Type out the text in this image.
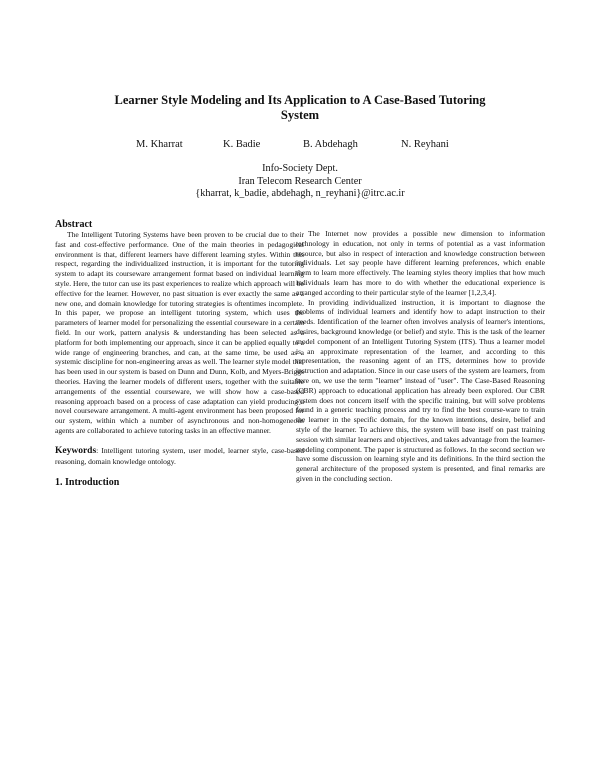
Learner Style Modeling and Its Application to A Case-Based Tutoring System
M. Kharrat	K. Badie	B. Abdehagh	N. Reyhani
Info-Society Dept.
Iran Telecom Research Center
{kharrat, k_badie, abdehagh, n_reyhani}@itrc.ac.ir

Abstract

The Intelligent Tutoring Systems have been proven to be crucial due to their fast and cost-effective performance. One of the main theories in pedagogical environment is that, different learners have different learning styles. Within this respect, regarding the individualized instruction, it is important for the tutoring system to adapt its courseware arrangement format based on individual learning style. Here, the tutor can use its past experiences to realize which approach will be effective for the learner. However, no past situation is ever exactly the same as a new one, and domain knowledge for tutoring strategies is oftentimes incomplete. In this paper, we propose an intelligent tutoring system, which uses the parameters of learner model for personalizing the essential courseware in a certain field. In our work, pattern analysis & understanding has been selected as a platform for both implementing our approach, since it can be applied equally to a wide range of engineering branches, and can, at the same time, be used as a systemic discipline for non-engineering areas as well. The learner style model that has been used in our system is based on Dunn and Dunn, Kolb, and Myers-Briggs theories. Having the learner models of different users, together with the suitable arrangements of the essential courseware, we will show how a case-based reasoning approach based on a process of case adaptation can yield producing a novel courseware arrangement. A multi-agent environment has been proposed for our system, within which a number of asynchronous and non-homogeneous agents are collaborated to achieve tutoring tasks in an effective manner.

Keywords: Intelligent tutoring system, user model, learner style, case-based reasoning, domain knowledge ontology.

1. Introduction

The Internet now provides a possible new dimension to information technology in education, not only in terms of potential as a vast information resource, but also in respect of interaction and knowledge construction between individuals. Let say people have different learning preferences, which enable them to learn more effectively. The learning styles theory implies that how much individuals learn has more to do with whether the educational experience is arranged according to their particular style of the learner [1,2,3,4].

In providing individualized instruction, it is important to diagnose the problems of individual learners and identify how to adapt instruction to their needs. Identification of the learner often involves analysis of learner's intentions, desires, background knowledge (or belief) and style. This is the task of the learner model component of an Intelligent Tutoring System (ITS). Thus a learner model is an approximate representation of the learner, and according to this representation, the reasoning agent of an ITS, determines how to provide instruction and adaptation. Since in our case users of the system are learners, from here on, we use the term "learner" instead of "user". The Case-Based Reasoning (CBR) approach to educational application has already been explored. Our CBR system does not concern itself with the specific training, but will solve problems found in a generic teaching process and try to find the best course-ware to train the learner in the specific domain, for the known intentions, desire, belief and style of the learner. To achieve this, the system will base itself on past training session with similar learners and objectives, and takes advantage from the learner-modeling component. The paper is structured as follows. In the second section we have some discussion on learning style and its definitions. In the third section the general architecture of the proposed system is presented, and final remarks are given in the concluding section.
